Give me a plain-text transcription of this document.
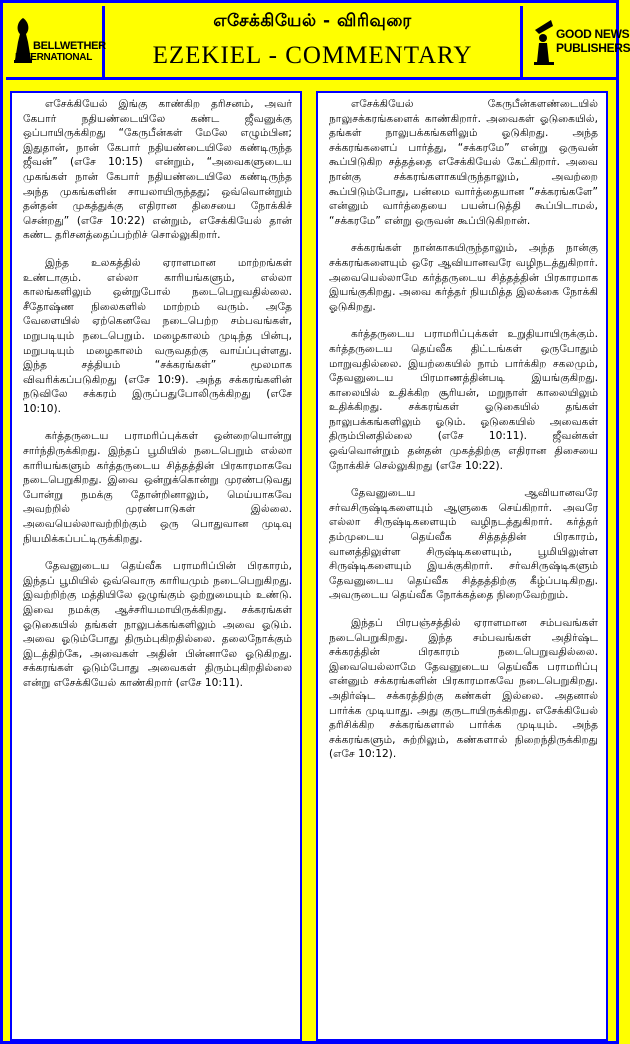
BELLWETHER
INTERNATIONAL
எசேக்கியேல் - விரிவுரை
EZEKIEL - COMMENTARY
GOOD NEWS
PUBLISHERS

எசேக்கியேல் இங்கு காண்கிற தரிசனம், அவர் கேபார் நதியண்டையிலே கண்ட ஜீவனுக்கு ஒப்பாயிருக்கிறது “கேருபீன்கள் மேலே எழும்பின; இதுதான், நான் கேபார் நதியண்டையிலே கண்டிருந்த ஜீவன்” (எசே 10:15) என்றும், “அவைகளுடைய முகங்கள் நான் கேபார் நதியண்டையிலே கண்டிருந்த அந்த முகங்களின் சாயலாயிருந்தது; ஒவ்வொன்றும் தன்தன் முகத்துக்கு எதிரான திசையை நோக்கிச் சென்றது” (எசே 10:22) என்றும், எசேக்கியேல் தான் கண்ட தரிசனத்தைப்பற்றிச் சொல்லுகிறார்.

இந்த உலகத்தில் ஏராளமான மாற்றங்கள் உண்டாகும். எல்லா காரியங்களும், எல்லா காலங்களிலும் ஒன்றுபோல் நடைபெறுவதில்லை. சீதோஷ்ண நிலைகளில் மாற்றம் வரும். அதே வேளையில் ஏற்கெனவே நடைபெற்ற சம்பவங்கள், மறுபடியும் நடைபெறும். மழைகாலம் முடிந்த பின்பு, மறுபடியும் மழைகாலம் வருவதற்கு வாய்ப்புள்ளது. இந்த சத்தியம் “சக்கரங்கள்” மூலமாக விவரிக்கப்படுகிறது (எசே 10:9). அந்த சக்கரங்களின் நடுவிலே சக்கரம் இருப்பதுபோலிருக்கிறது (எசே 10:10).

கர்த்தருடைய பராமரிப்புக்கள் ஒன்றையொன்று சார்ந்திருக்கிறது. இந்தப் பூமியில் நடைபெறும் எல்லா காரியங்களும் கர்த்தருடைய சித்தத்தின் பிரகாரமாகவே நடைபெறுகிறது. இவை ஒன்றுக்கொன்று முரண்படுவது போன்று நமக்கு தோன்றினாலும், மெய்யாகவே அவற்றில் முரண்பாடுகள் இல்லை. அவையெல்லாவற்றிற்கும் ஒரு பொதுவான முடிவு நியமிக்கப்பட்டிருக்கிறது.

தேவனுடைய தெய்வீக பராமரிப்பின் பிரகாரம், இந்தப் பூமியில் ஒவ்வொரு காரியமும் நடைபெறுகிறது. இவற்றிற்கு மத்தியிலே ஒழுங்கும் ஒற்றுமையும் உண்டு. இவை நமக்கு ஆச்சரியமாயிருக்கிறது. சக்கரங்கள் ஓடுகையில் தங்கள் நாலுபக்கங்களிலும் அவை ஓடும். அவை ஓடும்போது திரும்புகிறதில்லை. தலைநோக்கும் இடத்திற்கே, அவைகள் அதின் பின்னாலே ஓடுகிறது. சக்கரங்கள் ஓடும்போது அவைகள் திரும்புகிறதில்லை என்று எசேக்கியேல் காண்கிறார் (எசே 10:11).

எசேக்கியேல் கேருபீன்களண்டையில் நாலுசக்கரங்களைக் காண்கிறார். அவைகள் ஓடுகையில், தங்கள் நாலுபக்கங்களிலும் ஓடுகிறது. அந்த சக்கரங்களைப் பார்த்து, “சக்கரமே” என்று ஒருவன் கூப்பிடுகிற சத்தத்தை எசேக்கியேல் கேட்கிறார். அவை நான்கு சக்கரங்களாகயிருந்தாலும், அவற்றை கூப்பிடும்போது, பன்மை வார்த்தையான “சக்கரங்களே” என்னும் வார்த்தையை பயன்படுத்தி கூப்பிடாமல், “சக்கரமே” என்று ஒருவன் கூப்பிடுகிறான்.

சக்கரங்கள் நான்காகயிருந்தாலும், அந்த நான்கு சக்கரங்களையும் ஒரே ஆவியானவரே வழிநடத்துகிறார். அவையெல்லாமே கர்த்தருடைய சித்தத்தின் பிரகாரமாக இயங்குகிறது. அவை கர்த்தர் நியமித்த இலக்கை நோக்கி ஓடுகிறது.

கர்த்தருடைய பராமரிப்புக்கள் உறுதியாயிருக்கும். கர்த்தருடைய தெய்வீக திட்டங்கள் ஒருபோதும் மாறுவதில்லை. இயற்கையில் நாம் பார்க்கிற சகலமும், தேவனுடைய பிரமாணத்தின்படி இயங்குகிறது. காலையில் உதிக்கிற சூரியன், மறுநாள் காலையிலும் உதிக்கிறது. சக்கரங்கள் ஓடுகையில் தங்கள் நாலுபக்கங்களிலும் ஓடும். ஓடுகையில் அவைகள் திரும்பினதில்லை (எசே 10:11). ஜீவன்கள் ஒவ்வொன்றும் தன்தன் முகத்திற்கு எதிரான திசையை நோக்கிச் செல்லுகிறது (எசே 10:22).

தேவனுடைய ஆவியானவரே சர்வசிருஷ்டிகளையும் ஆளுகை செய்கிறார். அவரே எல்லா சிருஷ்டிகளையும் வழிநடத்துகிறார். கர்த்தர் தம்முடைய தெய்வீக சித்தத்தின் பிரகாரம், வானத்திலுள்ள சிருஷ்டிகளையும், பூமியிலுள்ள சிருஷ்டிகளையும் இயக்குகிறார். சர்வசிருஷ்டிகளும் தேவனுடைய தெய்வீக சித்தத்திற்கு கீழ்ப்படிகிறது. அவருடைய தெய்வீக நோக்கத்தை நிறைவேற்றும்.

இந்தப் பிரபஞ்சத்தில் ஏராளமான சம்பவங்கள் நடைபெறுகிறது. இந்த சம்பவங்கள் அதிர்ஷ்ட சக்கரத்தின் பிரகாரம் நடைபெறுவதில்லை. இவையெல்லாமே தேவனுடைய தெய்வீக பராமரிப்பு என்னும் சக்கரங்களின் பிரகாரமாகவே நடைபெறுகிறது. அதிர்ஷ்ட சக்கரத்திற்கு கண்கள் இல்லை. அதனால் பார்க்க முடியாது. அது குருடாயிருக்கிறது. எசேக்கியேல் தரிசிக்கிற சக்கரங்களால் பார்க்க முடியும். அந்த சக்கரங்களும், சுற்றிலும், கண்களால் நிறைந்திருக்கிறது (எசே 10:12).
